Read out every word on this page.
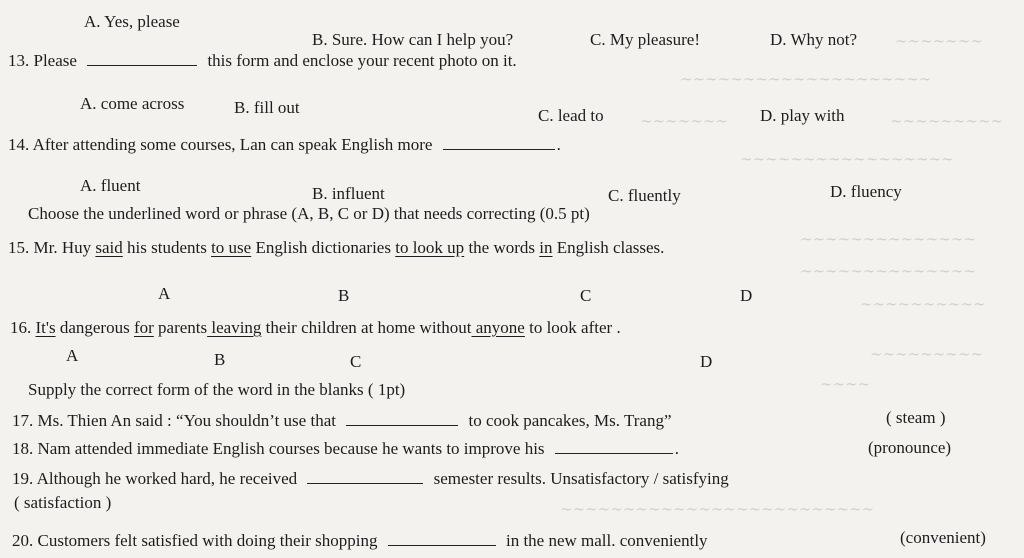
∼∼∼∼∼∼∼
∼∼∼∼∼∼∼∼∼∼∼∼∼∼∼∼∼∼∼∼
∼∼∼∼∼∼∼	∼∼∼∼∼∼∼∼∼
∼∼∼∼∼∼∼∼∼∼∼∼∼∼∼∼∼
∼∼∼∼∼∼∼∼∼∼∼∼∼∼
∼∼∼∼∼∼∼∼∼∼∼∼∼∼
∼∼∼∼∼∼∼∼∼∼
∼∼∼∼∼∼∼∼∼
∼∼∼∼
∼∼∼∼∼∼∼∼∼∼∼∼∼∼∼∼∼∼∼∼∼∼∼∼∼
A. Yes, please
B. Sure. How can I help you?	C. My pleasure!	D. Why not?
13. Please	this form and enclose your recent photo on it.
A. come across	B. fill out	C. lead to	D. play with
14. After attending some courses, Lan can speak English more	.
A. fluent	B. influent	C. fluently	D. fluency
Choose the underlined word or phrase (A, B, C or D) that needs correcting (0.5 pt)
15. Mr. Huy said his students to use English dictionaries to look up the words in English classes.
A	B	C	D
16. It's dangerous for parents leaving their children at home without anyone to look after .
A	B	C	D
Supply the correct form of the word in the blanks ( 1pt)
17. Ms. Thien An said : “You shouldn’t use that	to cook pancakes, Ms. Trang”	( steam )
18. Nam attended immediate English courses because he wants to improve his	.	(pronounce)
19. Although he worked hard, he received	semester results. Unsatisfactory / satisfying
( satisfaction )
20. Customers felt satisfied with doing their shopping	in the new mall. conveniently	(convenient)
